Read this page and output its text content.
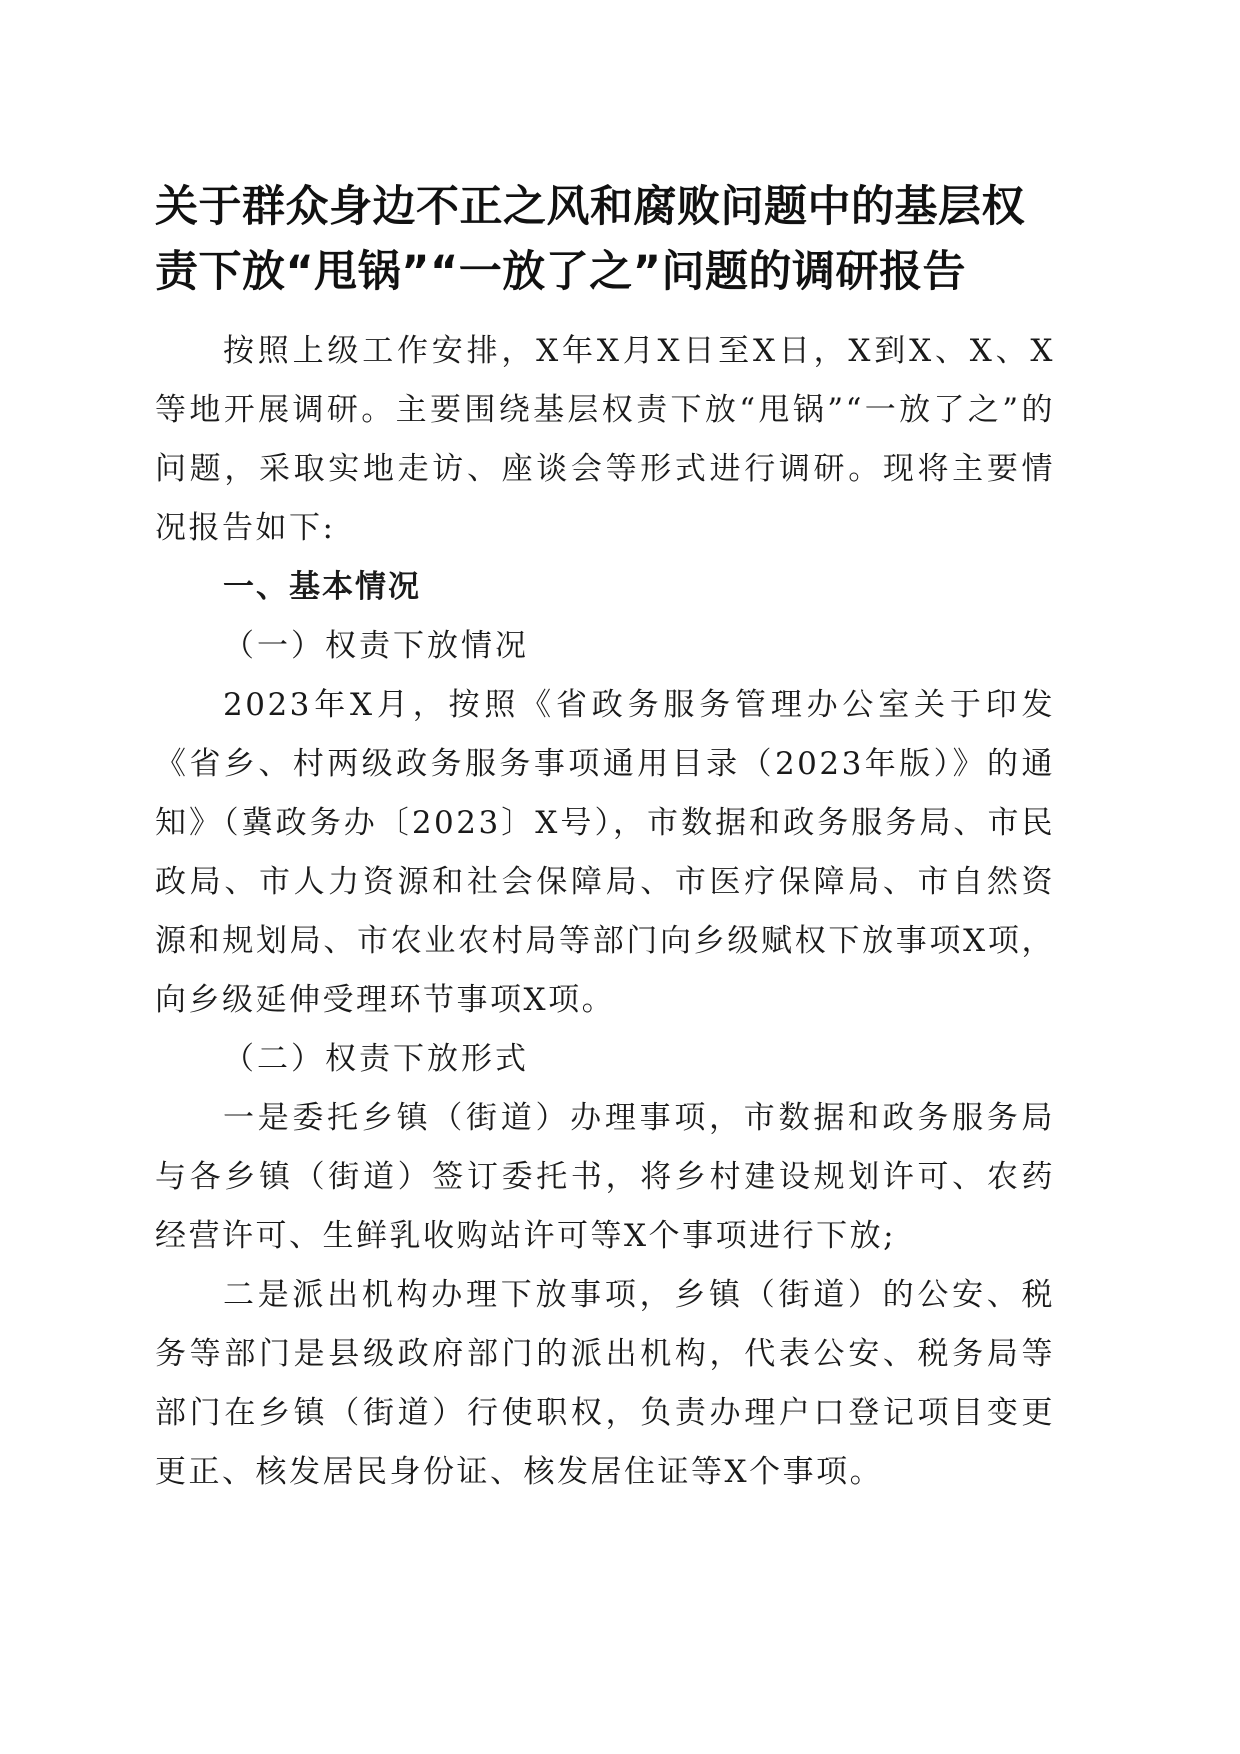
关于群众身边不正之风和腐败问题中的基层权
责下放“甩锅”“一放了之”问题的调研报告

按照上级工作安排，X年X月X日至X日，X到X、X、X等地开展调研。主要围绕基层权责下放“甩锅”“一放了之”的问题，采取实地走访、座谈会等形式进行调研。现将主要情况报告如下:

一、基本情况

（一）权责下放情况

2023年X月，按照《省政务服务管理办公室关于印发《省乡、村两级政务服务事项通用目录（2023年版）》的通知》（冀政务办〔2023〕X号），市数据和政务服务局、市民政局、市人力资源和社会保障局、市医疗保障局、市自然资源和规划局、市农业农村局等部门向乡级赋权下放事项X项，向乡级延伸受理环节事项X项。

（二）权责下放形式

一是委托乡镇（街道）办理事项，市数据和政务服务局与各乡镇（街道）签订委托书，将乡村建设规划许可、农药经营许可、生鲜乳收购站许可等X个事项进行下放;

二是派出机构办理下放事项，乡镇（街道）的公安、税务等部门是县级政府部门的派出机构，代表公安、税务局等部门在乡镇（街道）行使职权，负责办理户口登记项目变更更正、核发居民身份证、核发居住证等X个事项。
